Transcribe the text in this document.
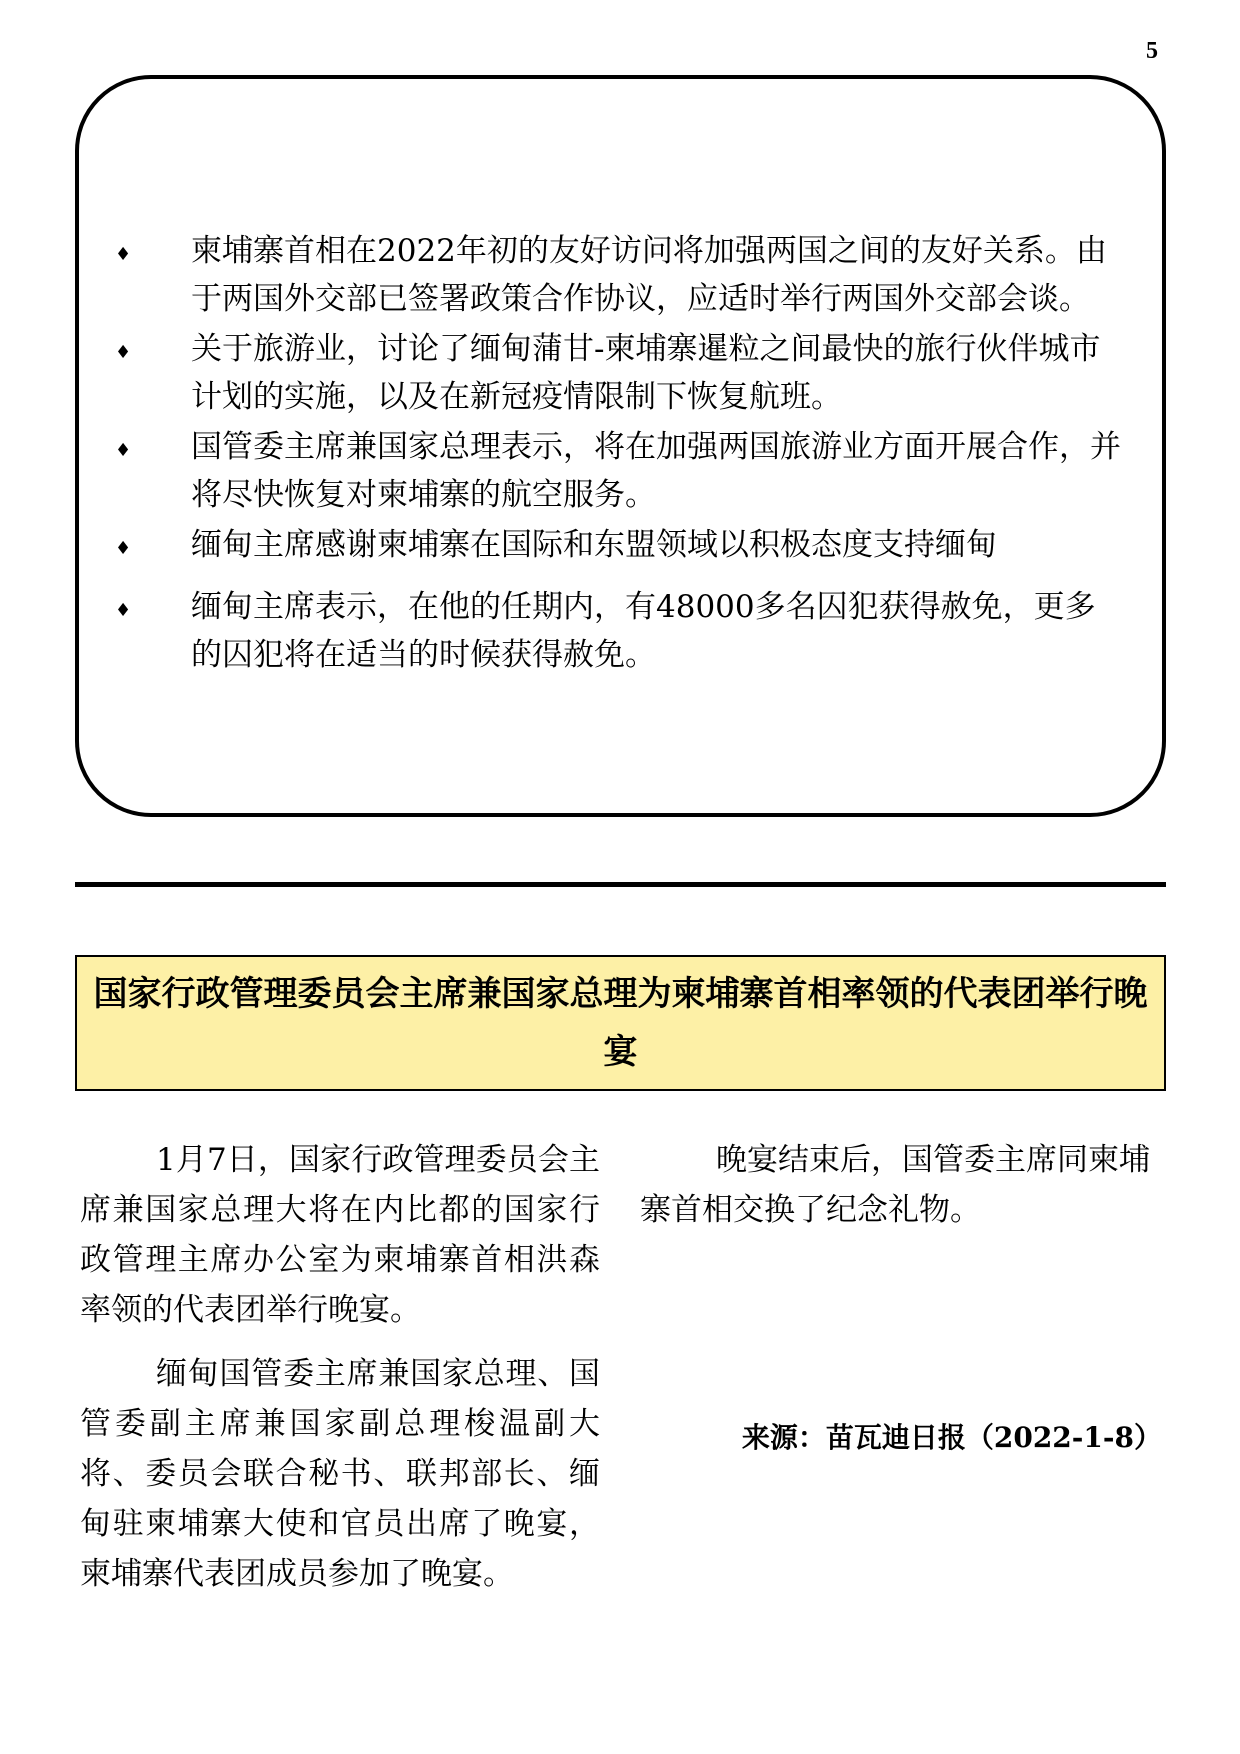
5
♦	柬埔寨首相在2022年初的友好访问将加强两国之间的友好关系。由于两国外交部已签署政策合作协议，应适时举行两国外交部会谈。
♦	关于旅游业，讨论了缅甸蒲甘-柬埔寨暹粒之间最快的旅行伙伴城市计划的实施，以及在新冠疫情限制下恢复航班。
♦	国管委主席兼国家总理表示，将在加强两国旅游业方面开展合作，并将尽快恢复对柬埔寨的航空服务。
♦	缅甸主席感谢柬埔寨在国际和东盟领域以积极态度支持缅甸
♦	缅甸主席表示，在他的任期内，有48000多名囚犯获得赦免，更多的囚犯将在适当的时候获得赦免。
国家行政管理委员会主席兼国家总理为柬埔寨首相率领的代表团举行晚宴

1月7日，国家行政管理委员会主席兼国家总理大将在内比都的国家行政管理主席办公室为柬埔寨首相洪森率领的代表团举行晚宴。

缅甸国管委主席兼国家总理、国管委副主席兼国家副总理梭温副大将、委员会联合秘书、联邦部长、缅甸驻柬埔寨大使和官员出席了晚宴，柬埔寨代表团成员参加了晚宴。

晚宴结束后，国管委主席同柬埔寨首相交换了纪念礼物。

来源：苗瓦迪日报（2022-1-8）
